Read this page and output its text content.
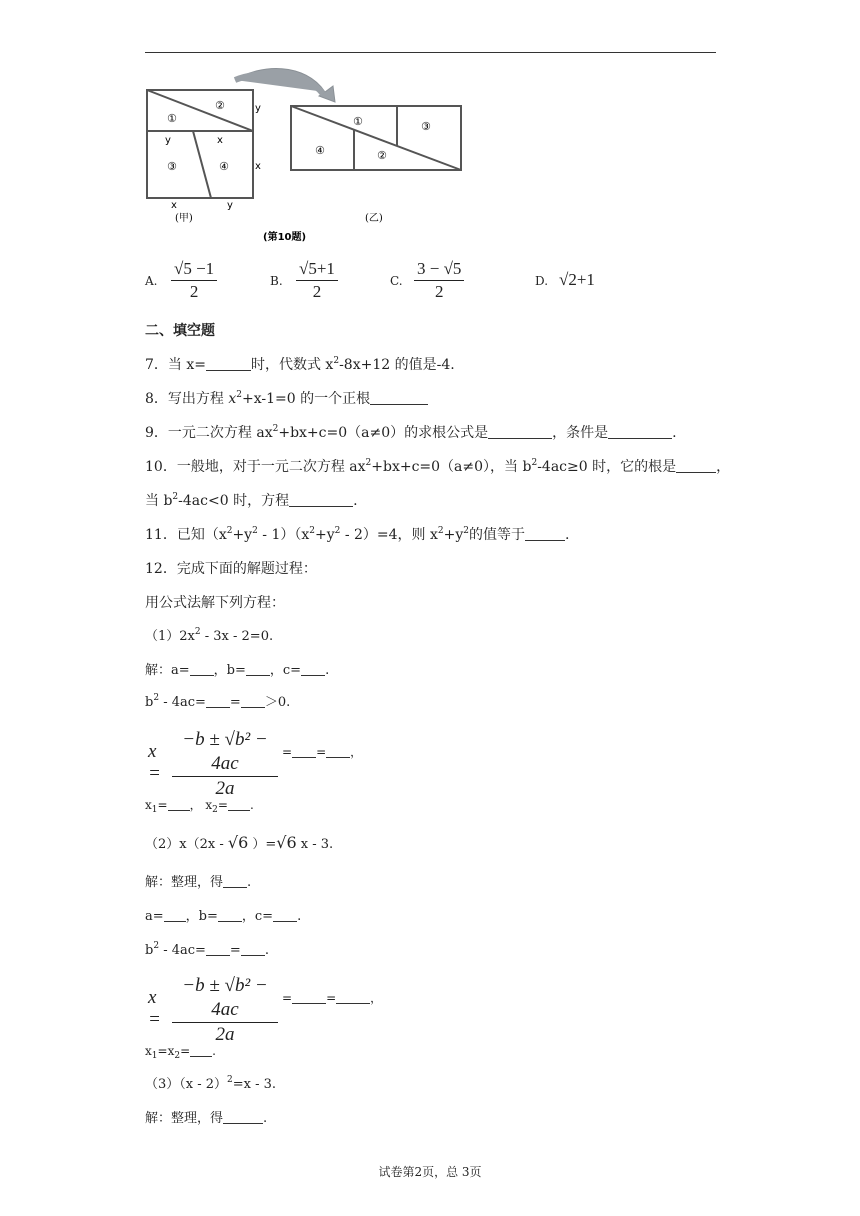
①
②
③	④
y
y	x
x
x	y
(甲)
①	③
④	②
(乙)
(第10题)
A. $\frac{√5 -1}{2}$	B. $\frac{√5+1}{2}$	C. $\frac{3 - √5}{2}$	D. √2+1
二、填空题
7．当 x=	时，代数式 $x^2-8x+12$ 的值是-4.
8．写出方程 $x^2+x-1=0$ 的一个正根
9．一元二次方程 $ax^2+bx+c=0(a\ne 0)$的求根公式是	，条件是	.
10．一般地，对于一元二次方程 $ax^2+bx+c=0(a\ne 0)$，当 $b^2-4ac\ge 0$ 时，它的根是	，
当 $b^2-4ac<0$ 时，方程	.
11．已知$(x^2+y^2 - 1)(x^2+y^2 - 2)=4$，则 $x^2+y^2$的值等于	.
12．完成下面的解题过程：
用公式法解下列方程：
$(1)2x^2 - 3x - 2=0$.
解：a= ，b= ，c= .
$b^2 - 4ac= = >0$.
$x = \frac{\text{−b ± √b² − 4ac}}{2a}$ = = ，
$x_1=$ ， $x_2=$ .
（2）x（2x - √6 ）=√6 x - 3.
解：整理，得 .
a= ，b= ，c= .
$b^2 - 4ac=$ = .
$x = \frac{\text{−b ± √b² − 4ac}}{2a}$ =	=	，
$x_1=x_2=$ .
（3）（x - 2）$^2$=x - 3.
解：整理，得	.
试卷第2页，总 3页
